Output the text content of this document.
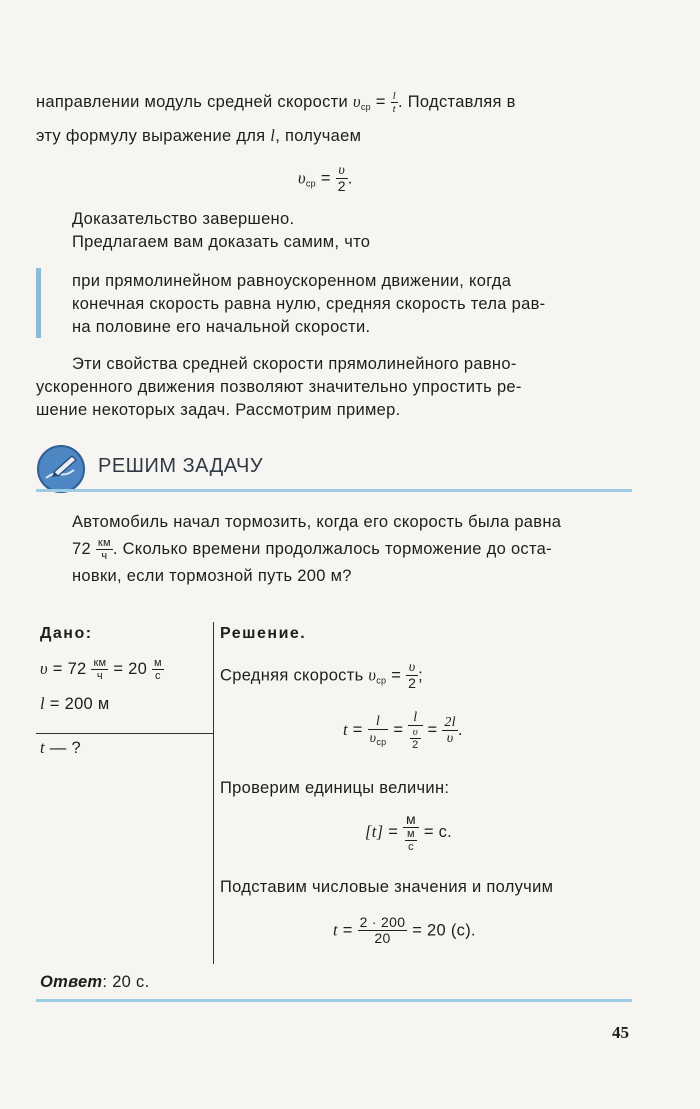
направлении модуль средней скорости $\upsilon_{ср} = \frac{l}{t}$ . Подставляя в
эту формулу выражение для l, получаем
$\upsilon_{ср} = \frac{\upsilon}{2}$ .
Доказательство завершено.
Предлагаем вам доказать самим, что
при прямолинейном равноускоренном движении, когда
конечная скорость равна нулю, средняя скорость тела рав-
на половине его начальной скорости.
Эти свойства средней скорости прямолинейного равно-
ускоренного движения позволяют значительно упростить ре-
шение некоторых задач. Рассмотрим пример.
РЕШИМ ЗАДАЧУ
Автомобиль начал тормозить, когда его скорость была равна
$72 \frac{км}{ч}$ . Сколько времени продолжалось торможение до оста-
новки, если тормозной путь 200 м?
Дано:
$\upsilon = 72 \frac{км}{ч} = 20 \frac{м}{с}$
l = 200 м
t — ?
Решение.
Средняя скорость $\upsilon_{ср} = \frac{\upsilon}{2}$ ;
$t = \frac{l}{\upsilon_{ср}} = \frac{l}{\frac{\upsilon}{2}} = \frac{2l}{\upsilon}$ .
Проверим единицы величин:
$[t] = \frac{м}{\frac{м}{с}} = с$.
Подставим числовые значения и получим
$t = \frac{2 \cdot 200}{20} = 20$ (с).
Ответ: 20 с.
45
